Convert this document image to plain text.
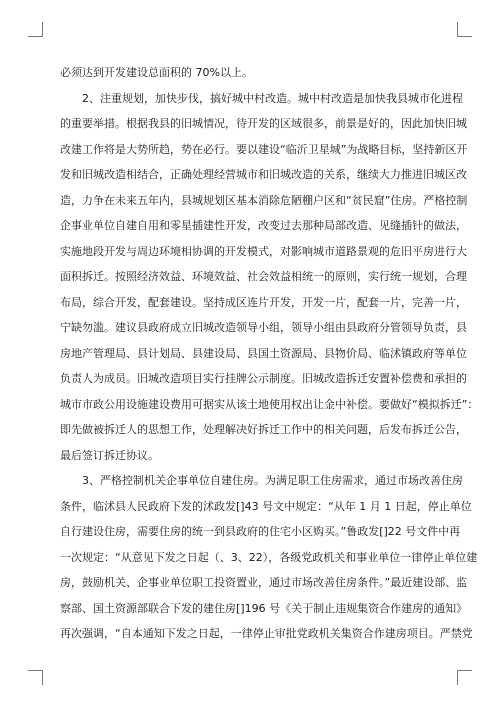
必须达到开发建设总面积的 70%以上。
2、注重规划，加快步伐，搞好城中村改造。城中村改造是加快我县城市化进程
的重要举措。根据我县的旧城情况，待开发的区域很多，前景是好的，因此加快旧城
改建工作将是大势所趋，势在必行。要以建设“临沂卫星城”为战略目标，坚持新区开
发和旧城改造相结合，正确处理经营城市和旧城改造的关系，继续大力推进旧城区改
造，力争在未来五年内，县城规划区基本消除危陋棚户区和“贫民窟”住房。严格控制
企事业单位自建自用和零星插建性开发，改变过去那种局部改造、见缝插针的做法，
实施地段开发与周边环境相协调的开发模式，对影响城市道路景观的危旧平房进行大
面积拆迁。按照经济效益、环境效益、社会效益相统一的原则，实行统一规划，合理
布局，综合开发，配套建设。坚持成区连片开发，开发一片，配套一片，完善一片，
宁缺勿滥。建议县政府成立旧城改造领导小组，领导小组由县政府分管领导负责，县
房地产管理局、县计划局、县建设局、县国土资源局、县物价局、临沭镇政府等单位
负责人为成员。旧城改造项目实行挂牌公示制度。旧城改造拆迁安置补偿费和承担的
城市市政公用设施建设费用可据实从该土地使用权出让金中补偿。要做好“模拟拆迁”：
即先做被拆迁人的思想工作，处理解决好拆迁工作中的相关问题，后发布拆迁公告，
最后签订拆迁协议。
3、严格控制机关企事单位自建住房。为满足职工住房需求，通过市场改善住房
条件，临沭县人民政府下发的沭政发[]43 号文中规定：“从年 1 月 1 日起，停止单位
自行建设住房，需要住房的统一到县政府的住宅小区购买。”鲁政发[]22 号文件中再
一次规定：“从意见下发之日起（、3、22），各级党政机关和事业单位一律停止单位建
房，鼓励机关、企事业单位职工投资置业，通过市场改善住房条件。”最近建设部、监
察部、国土资源部联合下发的建住房[]196 号《关于制止违规集资合作建房的通知》
再次强调，“自本通知下发之日起，一律停止审批党政机关集资合作建房项目。严禁党
